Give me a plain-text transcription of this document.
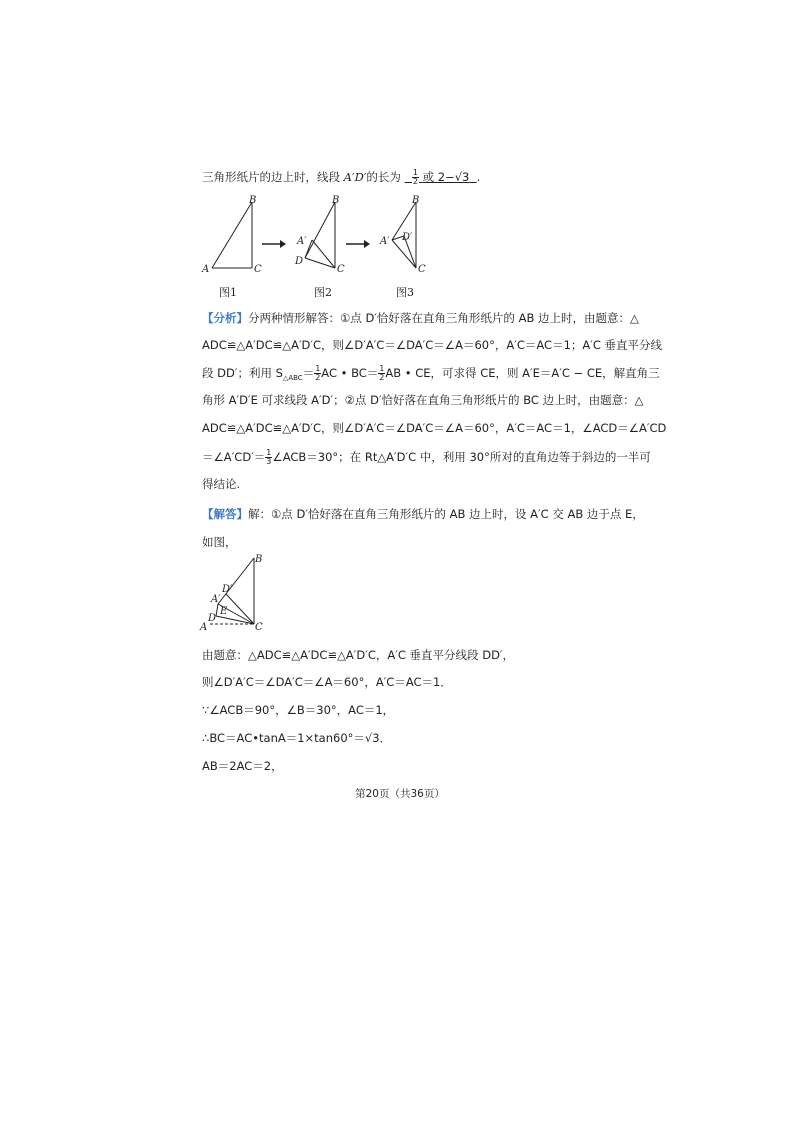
三角形纸片的边上时，线段 A′D′的长为 $\frac{1}{2}$ 或 2−√3 .
A
B
C
B
A′
D
C
B
A′ D′
C
图1	图2	图3
【分析】分两种情形解答：①点 D′恰好落在直角三角形纸片的 AB 边上时，由题意：△
ADC≌△A′DC≌△A′D′C，则∠D′A′C＝∠DA′C＝∠A＝60°，A′C＝AC＝1；A′C 垂直平分线
段 DD′；利用 $S_{\triangle ABC}= \frac{1}{2}$ AC • $BC= \frac{1}{2}$ AB • CE，可求得 CE，则 A′E＝A′C − CE，解直角三
角形 A′D′E 可求线段 A′D′；②点 D′恰好落在直角三角形纸片的 BC 边上时，由题意：△
ADC≌△A′DC≌△A′D′C，则∠D′A′C＝∠DA′C＝∠A＝60°，A′C＝AC＝1，∠ACD＝∠A′CD
＝∠A′CD′＝ $\frac{1}{3}$ ∠ACB＝30°；在 Rt△A′D′C 中，利用 30°所对的直角边等于斜边的一半可
得结论.
【解答】解：①点 D′恰好落在直角三角形纸片的 AB 边上时，设 A′C 交 AB 边于点 E，
如图，
B
D′
A′
E
D
A	C
由题意：△ADC≌△A′DC≌△A′D′C，A′C 垂直平分线段 DD′，
则∠D′A′C＝∠DA′C＝∠A＝60°，A′C＝AC＝1．
∵∠ACB＝90°，∠B＝30°，AC＝1，
∴BC＝AC•tanA＝1×tan60°＝√3．
AB＝2AC＝2，
第20页（共36页）
